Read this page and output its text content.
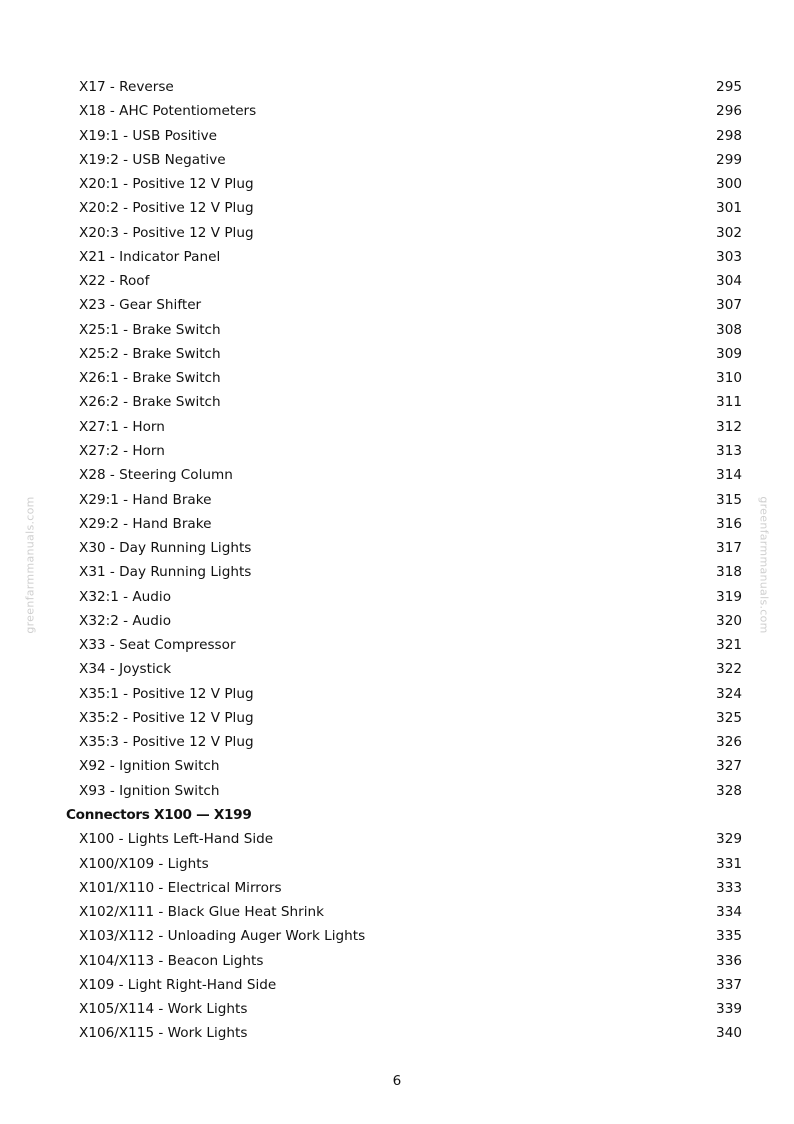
greenfarmmanuals.com	greenfarmmanuals.com
X17 - Reverse	295
X18 - AHC Potentiometers	296
X19:1 - USB Positive	298
X19:2 - USB Negative	299
X20:1 - Positive 12 V Plug	300
X20:2 - Positive 12 V Plug	301
X20:3 - Positive 12 V Plug	302
X21 - Indicator Panel	303
X22 - Roof	304
X23 - Gear Shifter	307
X25:1 - Brake Switch	308
X25:2 - Brake Switch	309
X26:1 - Brake Switch	310
X26:2 - Brake Switch	311
X27:1 - Horn	312
X27:2 - Horn	313
X28 - Steering Column	314
X29:1 - Hand Brake	315
X29:2 - Hand Brake	316
X30 - Day Running Lights	317
X31 - Day Running Lights	318
X32:1 - Audio	319
X32:2 - Audio	320
X33 - Seat Compressor	321
X34 - Joystick	322
X35:1 - Positive 12 V Plug	324
X35:2 - Positive 12 V Plug	325
X35:3 - Positive 12 V Plug	326
X92 - Ignition Switch	327
X93 - Ignition Switch	328
Connectors X100 — X199
X100 - Lights Left-Hand Side	329
X100/X109 - Lights	331
X101/X110 - Electrical Mirrors	333
X102/X111 - Black Glue Heat Shrink	334
X103/X112 - Unloading Auger Work Lights	335
X104/X113 - Beacon Lights	336
X109 - Light Right-Hand Side	337
X105/X114 - Work Lights	339
X106/X115 - Work Lights	340
6
